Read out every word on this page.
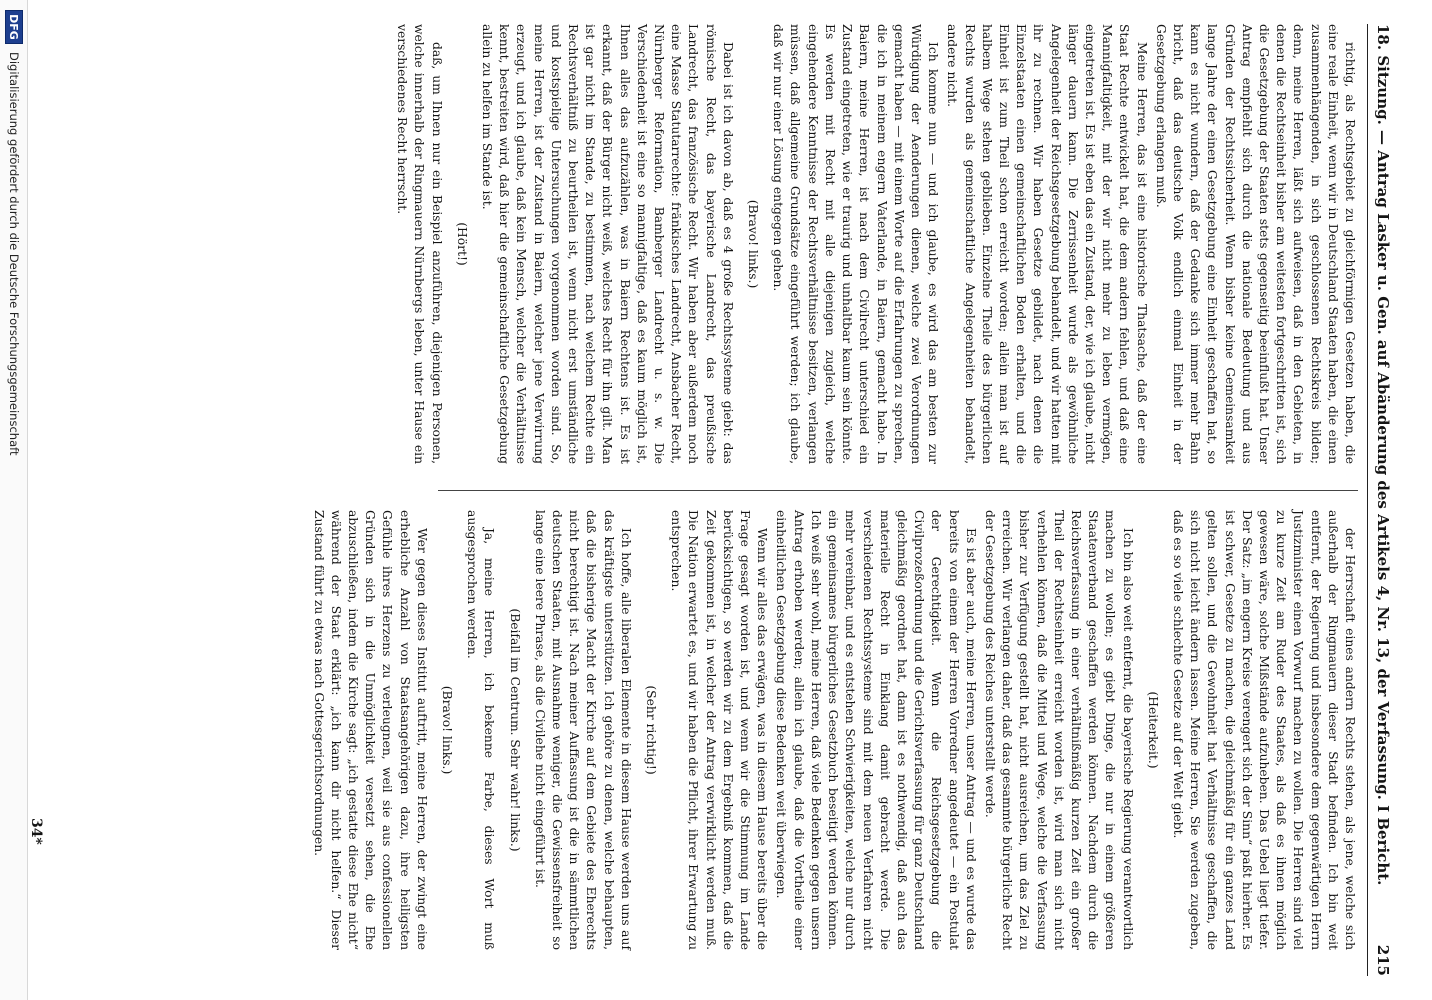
18. Sitzung. — Antrag Lasker u. Gen. auf Abänderung des Artikels 4, Nr. 13, der Verfassung. I Bericht.
215

richtig, als Rechtsgebiet zu gleichförmigen Gesetzen haben, die eine reale Einheit, wenn wir in Deutschland Staaten haben, die einen zusammenhängenden, in sich geschlossenen Rechtskreis bilden; denn, meine Herren, läßt sich aufweisen, daß in den Gebieten, in denen die Rechtseinheit bisher am weitesten fortgeschritten ist, sich die Gesetzgebung der Staaten stets gegenseitig beeinflußt hat. Unser Antrag empfiehlt sich durch die nationale Bedeutung und aus Gründen der Rechtssicherheit. Wenn bisher keine Gemeinsamkeit lange Jahre der einen Gesetzgebung eine Einheit geschaffen hat, so kann es nicht wundern, daß der Gedanke sich immer mehr Bahn bricht, daß das deutsche Volk endlich einmal Einheit in der Gesetzgebung erlangen muß.

Meine Herren, das ist eine historische Thatsache, daß der eine Staat Rechte entwickelt hat, die dem andern fehlen, und daß eine Mannigfaltigkeit, mit der wir nicht mehr zu leben vermögen, eingetreten ist. Es ist eben das ein Zustand, der, wie ich glaube, nicht länger dauern kann. Die Zerrissenheit wurde als gewöhnliche Angelegenheit der Reichsgesetzgebung behandelt, und wir hatten mit ihr zu rechnen. Wir haben Gesetze gebildet, nach denen die Einzelstaaten einen gemeinschaftlichen Boden erhalten, und die Einheit ist zum Theil schon erreicht worden; allein man ist auf halbem Wege stehen geblieben. Einzelne Theile des bürgerlichen Rechts wurden als gemeinschaftliche Angelegenheiten behandelt, andere nicht.

Ich komme nun — und ich glaube, es wird das am besten zur Würdigung der Aenderungen dienen, welche zwei Verordnungen gemacht haben — mit einem Worte auf die Erfahrungen zu sprechen, die ich in meinem engern Vaterlande, in Baiern, gemacht habe. In Baiern, meine Herren, ist nach dem Civilrecht unterschied ein Zustand eingetreten, wie er traurig und unhaltbar kaum sein könnte. Es werden mit Recht mit alle diejenigen zugleich, welche eingehendere Kenntnisse der Rechtsverhältnisse besitzen, verlangen müssen, daß allgemeine Grundsätze eingeführt werden; ich glaube, daß wir nur einer Lösung entgegen gehen.

(Bravo! links.)

Dabei ist ich davon ab, daß es 4 große Rechtssysteme giebt: das römische Recht, das bayerische Landrecht, das preußische Landrecht, das französische Recht. Wir haben aber außerdem noch eine Masse Statutarrechte: fränkisches Landrecht, Ansbacher Recht, Nürnberger Reformation, Bamberger Landrecht u. s. w. Die Verschiedenheit ist eine so mannigfaltige, daß es kaum möglich ist, Ihnen alles das aufzuzählen, was in Baiern Rechtens ist. Es ist erkannt, daß der Bürger nicht weiß, welches Recht für ihn gilt. Man ist gar nicht im Stande, zu bestimmen, nach welchem Rechte ein Rechtsverhältniß zu beurtheilen ist, wenn nicht erst umständliche und kostspielige Untersuchungen vorgenommen worden sind. So, meine Herren, ist der Zustand in Baiern, welcher jene Verwirrung erzeugt, und ich glaube, daß kein Mensch, welcher die Verhältnisse kennt, bestreiten wird, daß hier die gemeinschaftliche Gesetzgebung allein zu helfen im Stande ist.

(Hört!)

daß, um Ihnen nur ein Beispiel anzuführen, diejenigen Personen, welche innerhalb der Ringmauern Nürnbergs leben, unter Hause ein verschiedenes Recht herrscht.

der Herrschaft eines andern Rechts stehen, als jene, welche sich außerhalb der Ringmauern dieser Stadt befinden. Ich bin weit entfernt, der Regierung und insbesondere dem gegenwärtigen Herrn Justizminister einen Vorwurf machen zu wollen. Die Herren sind viel zu kurze Zeit am Ruder des Staates, als daß es ihnen möglich gewesen wäre, solche Mißstände aufzuheben. Das Uebel liegt tiefer. Der Satz: „im engern Kreise verengert sich der Sinn“ paßt hierher. Es ist schwer, Gesetze zu machen, die gleichmäßig für ein ganzes Land gelten sollen, und die Gewohnheit hat Verhältnisse geschaffen, die sich nicht leicht ändern lassen. Meine Herren, Sie werden zugeben, daß es so viele schlechte Gesetze auf der Welt giebt.

(Heiterkeit.)

Ich bin also weit entfernt, die bayerische Regierung verantwortlich machen zu wollen; es giebt Dinge, die nur in einem größeren Staatenverband geschaffen werden können. Nachdem durch die Reichsverfassung in einer verhältnißmäßig kurzen Zeit ein großer Theil der Rechtseinheit erreicht worden ist, wird man sich nicht verhehlen können, daß die Mittel und Wege, welche die Verfassung bisher zur Verfügung gestellt hat, nicht ausreichen, um das Ziel zu erreichen. Wir verlangen daher, daß das gesammte bürgerliche Recht der Gesetzgebung des Reiches unterstellt werde.

Es ist aber auch, meine Herren, unser Antrag — und es wurde das bereits von einem der Herren Vorredner angedeutet — ein Postulat der Gerechtigkeit. Wenn die Reichsgesetzgebung die Civilprozeßordnung und die Gerichtsverfassung für ganz Deutschland gleichmäßig geordnet hat, dann ist es nothwendig, daß auch das materielle Recht in Einklang damit gebracht werde. Die verschiedenen Rechtssysteme sind mit dem neuen Verfahren nicht mehr vereinbar, und es entstehen Schwierigkeiten, welche nur durch ein gemeinsames bürgerliches Gesetzbuch beseitigt werden können. Ich weiß sehr wohl, meine Herren, daß viele Bedenken gegen unsern Antrag erhoben werden; allein ich glaube, daß die Vortheile einer einheitlichen Gesetzgebung diese Bedenken weit überwiegen.

Wenn wir alles das erwägen, was in diesem Hause bereits über die Frage gesagt worden ist, und wenn wir die Stimmung im Lande berücksichtigen, so werden wir zu dem Ergebniß kommen, daß die Zeit gekommen ist, in welcher der Antrag verwirklicht werden muß. Die Nation erwartet es, und wir haben die Pflicht, ihrer Erwartung zu entsprechen.

(Sehr richtig!)

Ich hoffe, alle liberalen Elemente in diesem Hause werden uns auf das kräftigste unterstützen. Ich gehöre zu denen, welche behaupten, daß die bisherige Macht der Kirche auf dem Gebiete des Eherechts nicht berechtigt ist. Nach meiner Auffassung ist die in sämmtlichen deutschen Staaten, mit Ausnahme weniger, die Gewissensfreiheit so lange eine leere Phrase, als die Civilehe nicht eingeführt ist.

(Beifall im Centrum. Sehr wahr! links.)

Ja, meine Herren, ich bekenne Farbe, dieses Wort muß ausgesprochen werden.

(Bravo! links.)

Wer gegen dieses Institut auftritt, meine Herren, der zwingt eine erhebliche Anzahl von Staatsangehörigen dazu, ihre heiligsten Gefühle ihres Herzens zu verleugnen, weil sie aus confessionellen Gründen sich in die Unmöglichkeit versetzt sehen, die Ehe abzuschließen, indem die Kirche sagt: „ich gestatte diese Ehe nicht“ während der Staat erklärt: „ich kann dir nicht helfen.“ Dieser Zustand führt zu etwas nach Gottesgerichtsordnungen.

34*
DFG
Digitalisierung gefördert durch die Deutsche Forschungsgemeinschaft
